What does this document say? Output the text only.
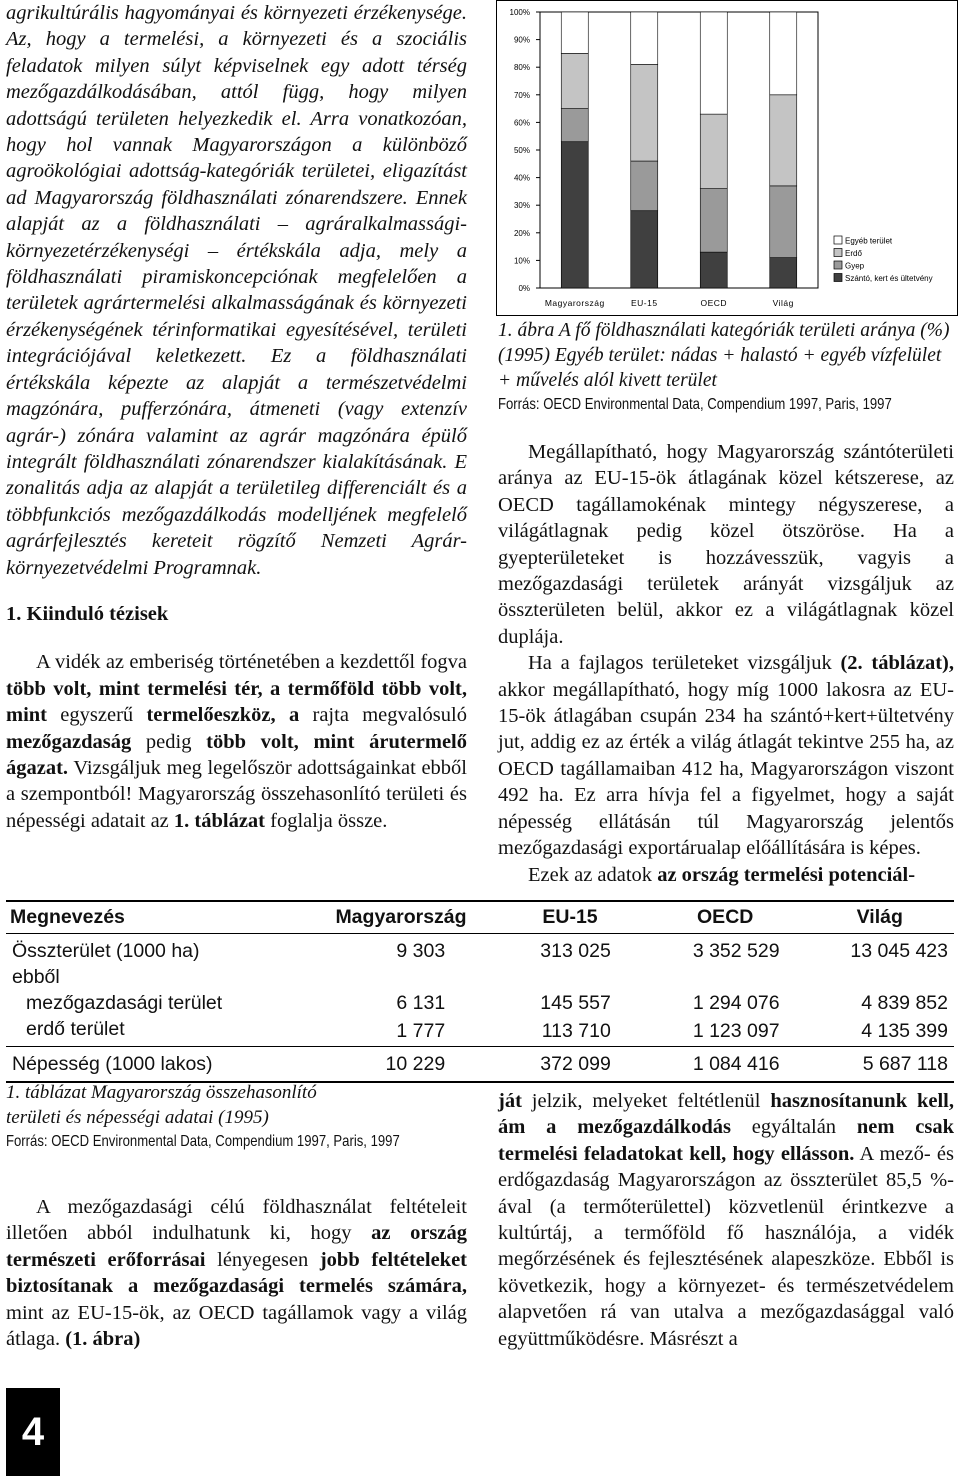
agrikultúrális hagyományai és környezeti érzékenysége. Az, hogy a termelési, a környezeti és a szociális feladatok milyen súlyt képviselnek egy adott térség mezőgazdálkodásában, attól függ, hogy milyen adottságú területen helyezkedik el. Arra vonatkozóan, hogy hol vannak Magyarországon a különböző agroökológiai adottság-kategóriák területei, eligazítást ad Magyarország földhasználati zónarendszere. Ennek alapját az a földhasználati – agráralkalmassági-környezetérzékenységi – értékskála adja, mely a földhasználati piramiskoncepciónak megfelelően a területek agrártermelési alkalmasságának és környezeti érzékenységének térinformatikai egyesítésével, területi integrációjával keletkezett. Ez a földhasználati értékskála képezte az alapját a természetvédelmi magzónára, pufferzónára, átmeneti (vagy extenzív agrár-) zónára valamint az agrár magzónára épülő integrált földhasználati zónarendszer kialakításának. E zonalitás adja az alapját a területileg differenciált és a többfunkciós mezőgazdálkodás modelljének megfelelő agrárfejlesztés kereteit rögzítő Nemzeti Agrár-környezetvédelmi Programnak.

1. Kiinduló tézisek

A vidék az emberiség történetében a kezdettől fogva több volt, mint termelési tér, a termőföld több volt, mint egyszerű termelőeszköz, a rajta megvalósuló mezőgazdaság pedig több volt, mint árutermelő ágazat. Vizsgáljuk meg legelőször adottságainkat ebből a szempontból! Magyarország összehasonlító területi és népességi adatait az 1. táblázat foglalja össze.

Megnevezés	Magyarország	EU-15	OECD	Világ
Összterület (1000 ha)	9 303	313 025	3 352 529	13 045 423
ebből				
mezőgazdasági terület	6 131	145 557	1 294 076	4 839 852
erdő terület	1 777	113 710	1 123 097	4 135 399
Népesség (1000 lakos)	10 229	372 099	1 084 416	5 687 118

1. táblázat Magyarország összehasonlító területi és népességi adatai (1995)

Forrás: OECD Environmental Data, Compendium 1997, Paris, 1997

A mezőgazdasági célú földhasználat feltételeit illetően abból indulhatunk ki, hogy az ország természeti erőforrásai lényegesen jobb feltételeket biztosítanak a mezőgazdasági termelés számára, mint az EU-15-ök, az OECD tagállamok vagy a világ átlaga. (1. ábra)

4
0%
10%
20%
30%
40%
50%
60%
70%
80%
90%
100%
Magyarország	EU-15	OECD	Világ
Egyéb terület
Erdő
Gyep
Szántó, kert és ültetvény

1. ábra A fő földhasználati kategóriák területi aránya (%) (1995) Egyéb terület: nádas + halastó + egyéb vízfelület + művelés alól kivett terület

Forrás: OECD Environmental Data, Compendium 1997, Paris, 1997

Megállapítható, hogy Magyarország szántóterületi aránya az EU-15-ök átlagának közel kétszerese, az OECD tagállamokénak mintegy négyszerese, a világátlagnak pedig közel ötszöröse. Ha a gyepterületeket is hozzávesszük, vagyis a mezőgazdasági területek arányát vizsgáljuk az összterületen belül, akkor ez a világátlagnak közel duplája.

Ha a fajlagos területeket vizsgáljuk (2. táblázat), akkor megállapítható, hogy míg 1000 lakosra az EU-15-ök átlagában csupán 234 ha szántó+kert+ültetvény jut, addig ez az érték a világ átlagát tekintve 255 ha, az OECD tagállamaiban 412 ha, Magyarországon viszont 492 ha. Ez arra hívja fel a figyelmet, hogy a saját népesség ellátásán túl Magyarország jelentős mezőgazdasági exportárualap előállítására is képes.

Ezek az adatok az ország termelési potenciál-

ját jelzik, melyeket feltétlenül hasznosítanunk kell, ám a mezőgazdálkodás egyáltalán nem csak termelési feladatokat kell, hogy ellásson. A mező- és erdőgazdaság Magyarországon az összterület 85,5 %-ával (a termőterülettel) közvetlenül érintkezve a kultúrtáj, a termőföld fő használója, a vidék megőrzésének és fejlesztésének alapeszköze. Ebből is következik, hogy a környezet- és természetvédelem alapvetően rá van utalva a mezőgazdasággal való együttműködésre. Másrészt a
